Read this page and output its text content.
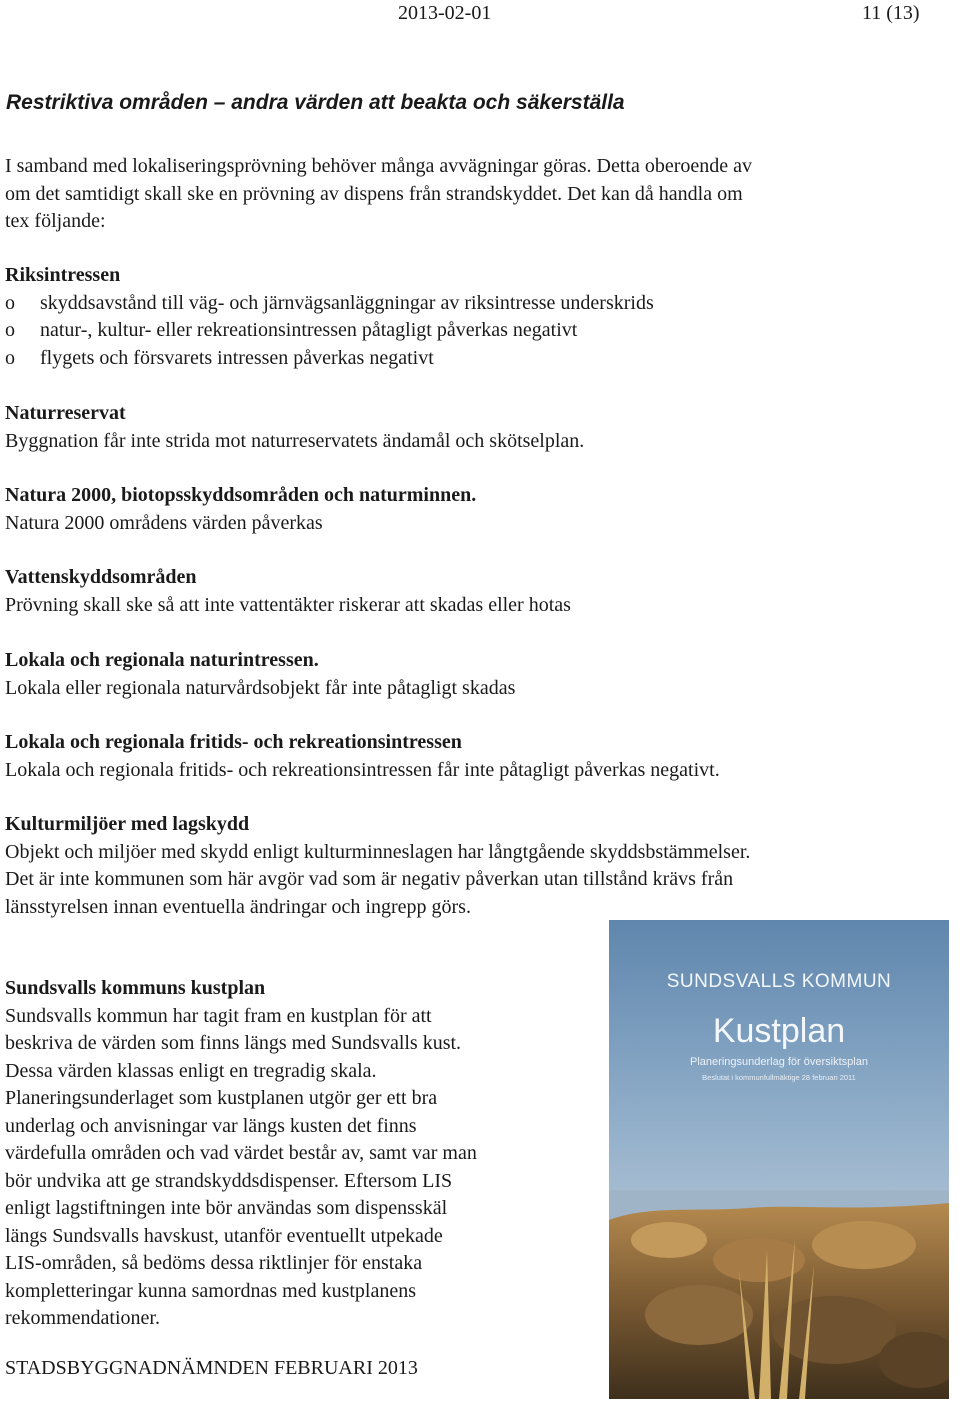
2013-02-01	11 (13)
Restriktiva områden – andra värden att beakta och säkerställa
I samband med lokaliseringsprövning behöver många avvägningar göras. Detta oberoende av
om det samtidigt skall ske en prövning av dispens från strandskyddet. Det kan då handla om
tex följande:
Riksintressen
o skyddsavstånd till väg- och järnvägsanläggningar av riksintresse underskrids
o natur-, kultur- eller rekreationsintressen påtagligt påverkas negativt
o flygets och försvarets intressen påverkas negativt
Naturreservat
Byggnation får inte strida mot naturreservatets ändamål och skötselplan.
Natura 2000, biotopsskyddsområden och naturminnen.
Natura 2000 områdens värden påverkas
Vattenskyddsområden
Prövning skall ske så att inte vattentäkter riskerar att skadas eller hotas
Lokala och regionala naturintressen.
Lokala eller regionala naturvårdsobjekt får inte påtagligt skadas
Lokala och regionala fritids- och rekreationsintressen
Lokala och regionala fritids- och rekreationsintressen får inte påtagligt påverkas negativt.
Kulturmiljöer med lagskydd
Objekt och miljöer med skydd enligt kulturminneslagen har långtgående skyddsbstämmelser.
Det är inte kommunen som här avgör vad som är negativ påverkan utan tillstånd krävs från
länsstyrelsen innan eventuella ändringar och ingrepp görs.
Sundsvalls kommuns kustplan
Sundsvalls kommun har tagit fram en kustplan för att
beskriva de värden som finns längs med Sundsvalls kust.
Dessa värden klassas enligt en tregradig skala.
Planeringsunderlaget som kustplanen utgör ger ett bra
underlag och anvisningar var längs kusten det finns
värdefulla områden och vad värdet består av, samt var man
bör undvika att ge strandskyddsdispenser. Eftersom LIS
enligt lagstiftningen inte bör användas som dispensskäl
längs Sundsvalls havskust, utanför eventuellt utpekade
LIS-områden, så bedöms dessa riktlinjer för enstaka
kompletteringar kunna samordnas med kustplanens
rekommendationer.
SUNDSVALLS KOMMUN
Kustplan
Planeringsunderlag för översiktsplan
Beslutat i kommunfullmäktige 28 februari 2011
STADSBYGGNADNÄMNDEN FEBRUARI 2013
